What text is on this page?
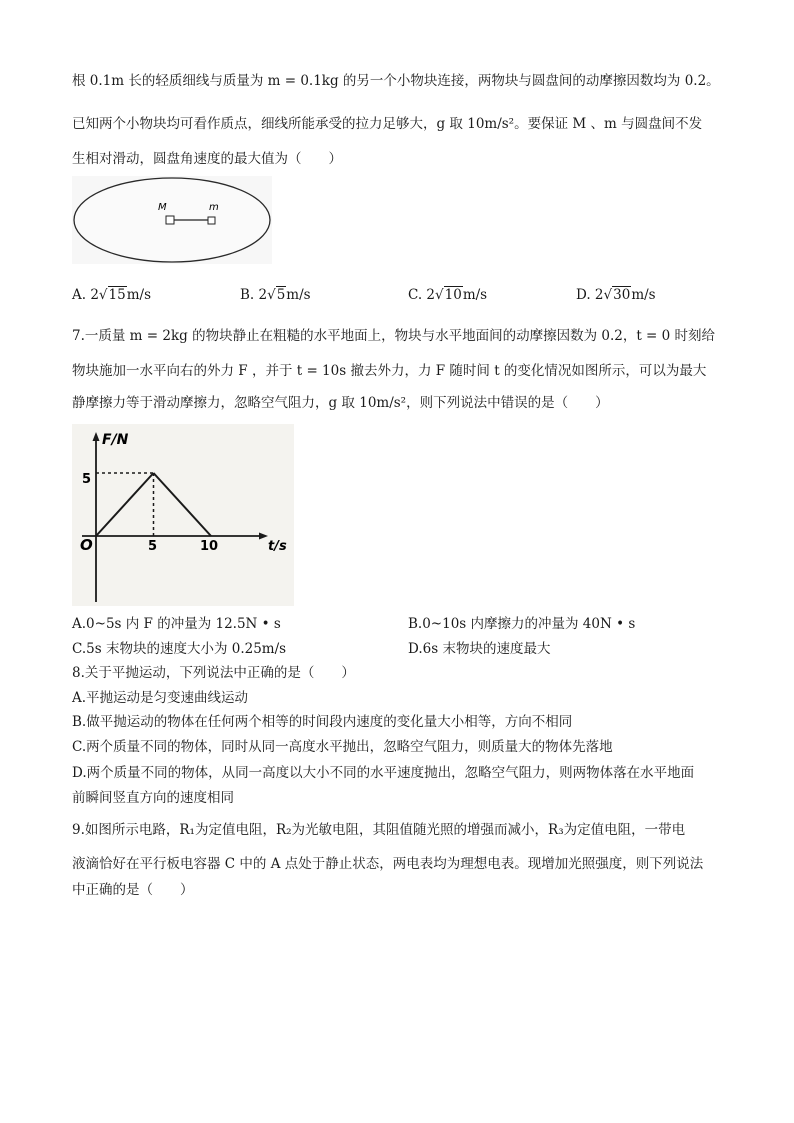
根 0.1m 长的轻质细线与质量为 m = 0.1kg 的另一个小物块连接，两物块与圆盘间的动摩擦因数均为 0.2。
已知两个小物块均可看作质点，细线所能承受的拉力足够大，g 取 10m/s²。要保证 M 、m 与圆盘间不发
生相对滑动，圆盘角速度的最大值为（　　）
M	m
A. 2√15m/s	B. 2√5m/s	C. 2√10m/s	D. 2√30m/s
7.一质量 m = 2kg 的物块静止在粗糙的水平地面上，物块与水平地面间的动摩擦因数为 0.2，t = 0 时刻给
物块施加一水平向右的外力 F ，并于 t = 10s 撤去外力，力 F 随时间 t 的变化情况如图所示，可以为最大
静摩擦力等于滑动摩擦力，忽略空气阻力，g 取 10m/s²，则下列说法中错误的是（　　）
F/N
t/s
O
5
5	10
A.0~5s 内 F 的冲量为 12.5N • s	B.0~10s 内摩擦力的冲量为 40N • s
C.5s 末物块的速度大小为 0.25m/s	D.6s 末物块的速度最大
8.关于平抛运动，下列说法中正确的是（　　）
A.平抛运动是匀变速曲线运动
B.做平抛运动的物体在任何两个相等的时间段内速度的变化量大小相等，方向不相同
C.两个质量不同的物体，同时从同一高度水平抛出，忽略空气阻力，则质量大的物体先落地
D.两个质量不同的物体，从同一高度以大小不同的水平速度抛出，忽略空气阻力，则两物体落在水平地面
前瞬间竖直方向的速度相同
9.如图所示电路，R₁为定值电阻，R₂为光敏电阻，其阻值随光照的增强而减小，R₃为定值电阻，一带电
液滴恰好在平行板电容器 C 中的 A 点处于静止状态，两电表均为理想电表。现增加光照强度，则下列说法
中正确的是（　　）
